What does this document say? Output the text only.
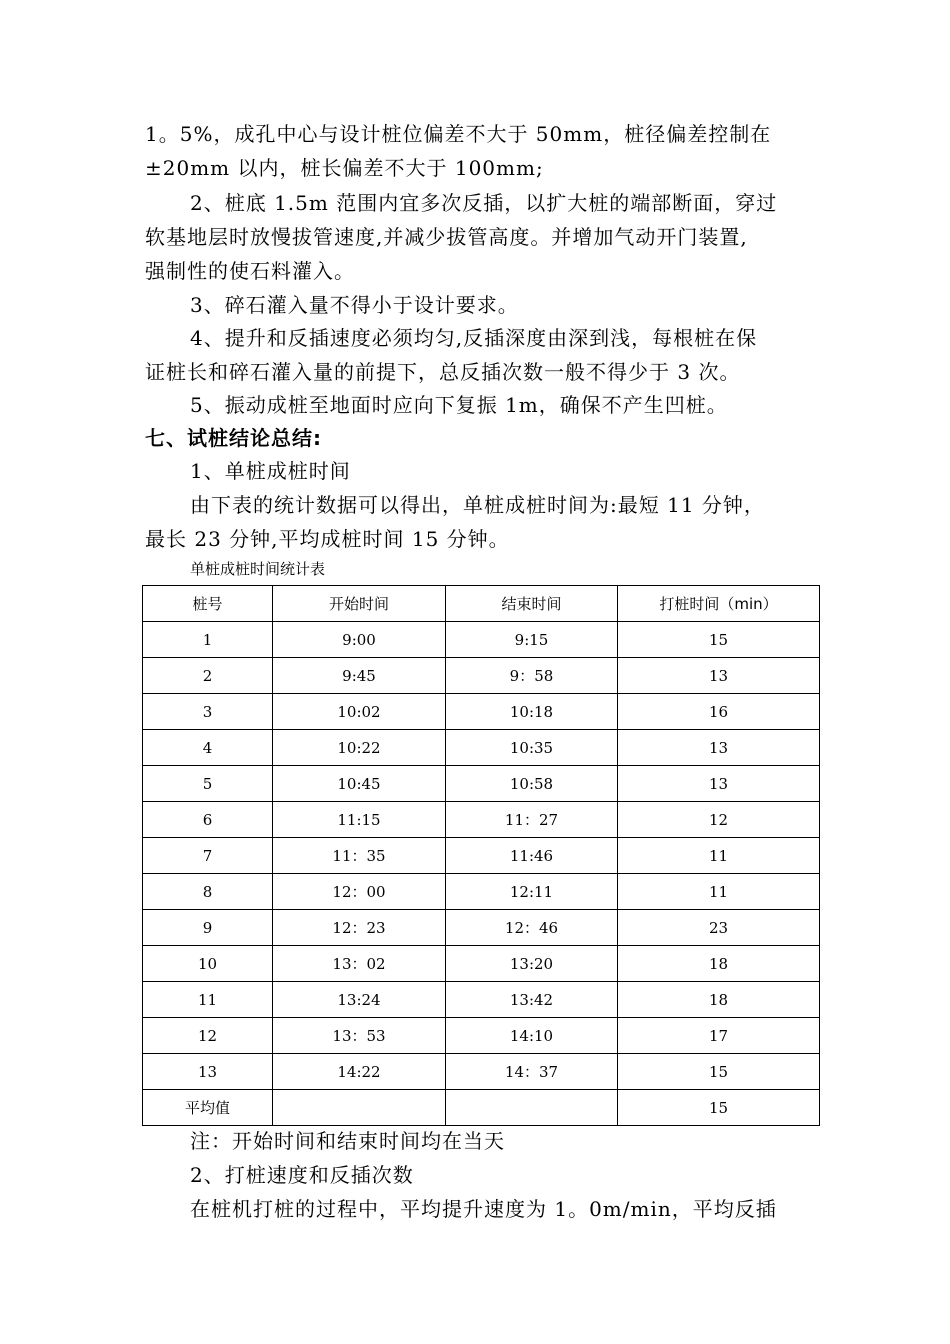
1。5%，成孔中心与设计桩位偏差不大于 50mm，桩径偏差控制在
±20mm 以内，桩长偏差不大于 100mm;
2、桩底 1.5m 范围内宜多次反插，以扩大桩的端部断面，穿过
软基地层时放慢拔管速度,并减少拔管高度。并增加气动开门装置,
强制性的使石料灌入。
3、碎石灌入量不得小于设计要求。
4、提升和反插速度必须均匀,反插深度由深到浅，每根桩在保
证桩长和碎石灌入量的前提下，总反插次数一般不得少于 3 次。
5、振动成桩至地面时应向下复振 1m，确保不产生凹桩。
七、试桩结论总结:
1、单桩成桩时间
由下表的统计数据可以得出，单桩成桩时间为:最短 11 分钟，
最长 23 分钟,平均成桩时间 15 分钟。
单桩成桩时间统计表
桩号	开始时间	结束时间	打桩时间（min）
1	9:00	9:15	15
2	9:45	9：58	13
3	10:02	10:18	16
4	10:22	10:35	13
5	10:45	10:58	13
6	11:15	11：27	12
7	11：35	11:46	11
8	12：00	12:11	11
9	12：23	12：46	23
10	13：02	13:20	18
11	13:24	13:42	18
12	13：53	14:10	17
13	14:22	14：37	15
平均值			15
注：开始时间和结束时间均在当天
2、打桩速度和反插次数
在桩机打桩的过程中，平均提升速度为 1。0m/min，平均反插
